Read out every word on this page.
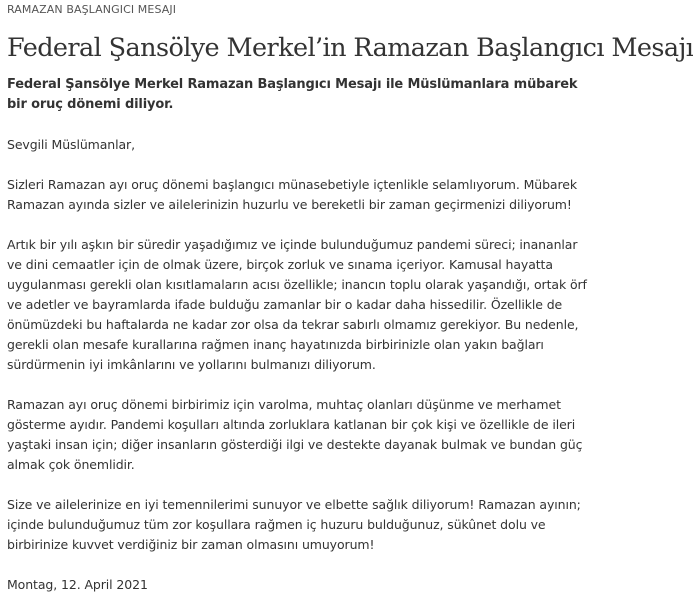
RAMAZAN BAŞLANGICI MESAJI
Federal Şansölye Merkel’in Ramazan Başlangıcı Mesajı

Federal Şansölye Merkel Ramazan Başlangıcı Mesajı ile Müslümanlara mübarek bir oruç dönemi diliyor.

Sevgili Müslümanlar,

Sizleri Ramazan ayı oruç dönemi başlangıcı münasebetiyle içtenlikle selamlıyorum. Mübarek Ramazan ayında sizler ve ailelerinizin huzurlu ve bereketli bir zaman geçirmenizi diliyorum!

Artık bir yılı aşkın bir süredir yaşadığımız ve içinde bulunduğumuz pandemi süreci; inananlar ve dini cemaatler için de olmak üzere, birçok zorluk ve sınama içeriyor. Kamusal hayatta uygulanması gerekli olan kısıtlamaların acısı özellikle; inancın toplu olarak yaşandığı, ortak örf ve adetler ve bayramlarda ifade bulduğu zamanlar bir o kadar daha hissedilir. Özellikle de önümüzdeki bu haftalarda ne kadar zor olsa da tekrar sabırlı olmamız gerekiyor. Bu nedenle, gerekli olan mesafe kurallarına rağmen inanç hayatınızda birbirinizle olan yakın bağları sürdürmenin iyi imkânlarını ve yollarını bulmanızı diliyorum.

Ramazan ayı oruç dönemi birbirimiz için varolma, muhtaç olanları düşünme ve merhamet gösterme ayıdır. Pandemi koşulları altında zorluklara katlanan bir çok kişi ve özellikle de ileri yaştaki insan için; diğer insanların gösterdiği ilgi ve destekte dayanak bulmak ve bundan güç almak çok önemlidir.

Size ve ailelerinize en iyi temennilerimi sunuyor ve elbette sağlık diliyorum! Ramazan ayının; içinde bulunduğumuz tüm zor koşullara rağmen iç huzuru bulduğunuz, sükûnet dolu ve birbirinize kuvvet verdiğiniz bir zaman olmasını umuyorum!

Montag, 12. April 2021
